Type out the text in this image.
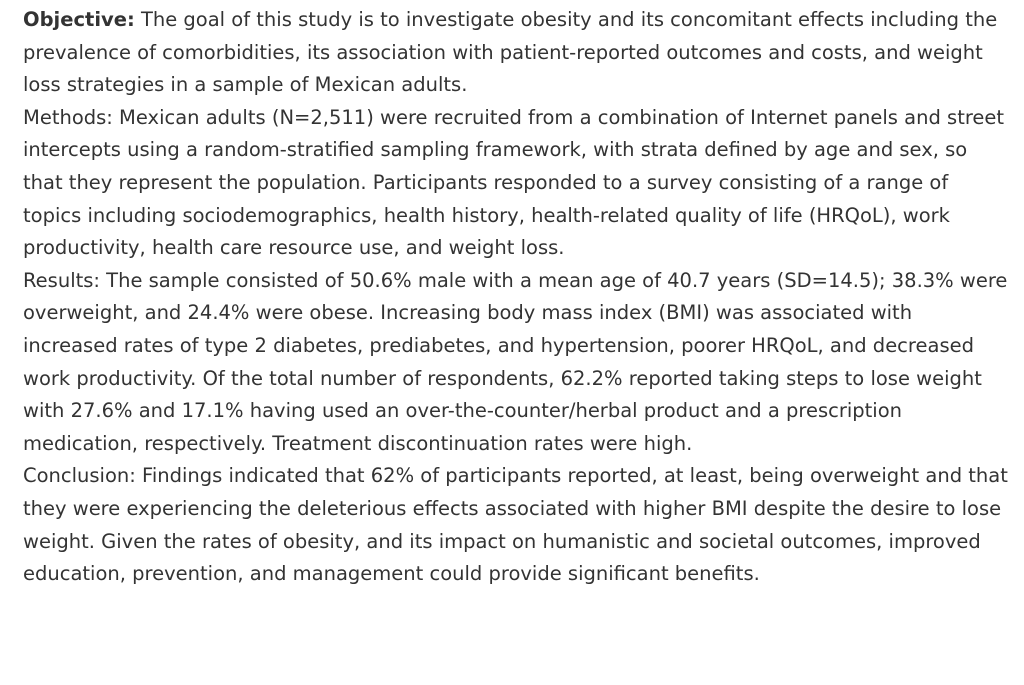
Objective: The goal of this study is to investigate obesity and its concomitant effects including the prevalence of comorbidities, its association with patient-reported outcomes and costs, and weight loss strategies in a sample of Mexican adults.

Methods: Mexican adults (N=2,511) were recruited from a combination of Internet panels and street intercepts using a random-stratified sampling framework, with strata defined by age and sex, so that they represent the population. Participants responded to a survey consisting of a range of topics including sociodemographics, health history, health-related quality of life (HRQoL), work productivity, health care resource use, and weight loss.

Results: The sample consisted of 50.6% male with a mean age of 40.7 years (SD=14.5); 38.3% were overweight, and 24.4% were obese. Increasing body mass index (BMI) was associated with increased rates of type 2 diabetes, prediabetes, and hypertension, poorer HRQoL, and decreased work productivity. Of the total number of respondents, 62.2% reported taking steps to lose weight with 27.6% and 17.1% having used an over-the-counter/herbal product and a prescription medication, respectively. Treatment discontinuation rates were high.

Conclusion: Findings indicated that 62% of participants reported, at least, being overweight and that they were experiencing the deleterious effects associated with higher BMI despite the desire to lose weight. Given the rates of obesity, and its impact on humanistic and societal outcomes, improved education, prevention, and management could provide significant benefits.
